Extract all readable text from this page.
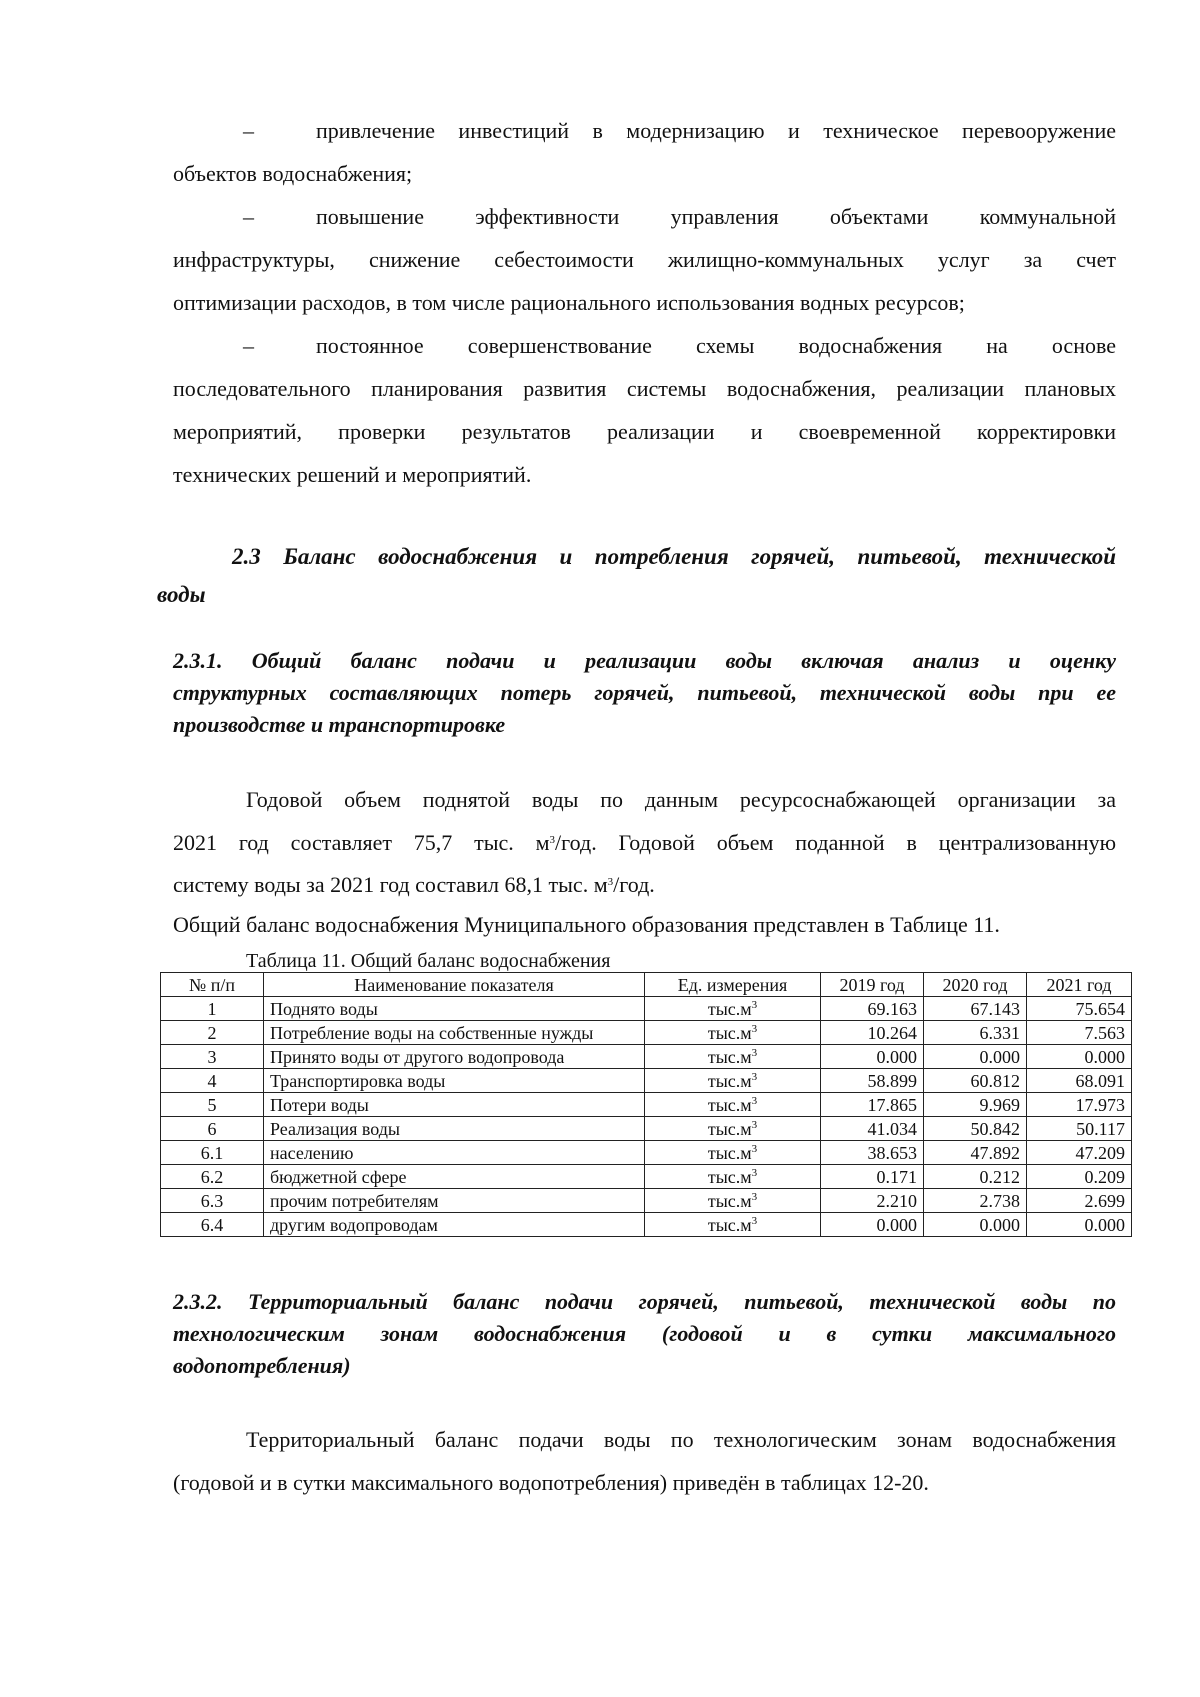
–	привлечение инвестиций в модернизацию и техническое перевооружение
объектов водоснабжения;
–	повышение эффективности управления объектами коммунальной
инфраструктуры, снижение себестоимости жилищно-коммунальных услуг за счет
оптимизации расходов, в том числе рационального использования водных ресурсов;
–	постоянное совершенствование схемы водоснабжения на основе
последовательного планирования развития системы водоснабжения, реализации плановых
мероприятий, проверки результатов реализации и своевременной корректировки
технических решений и мероприятий.
2.3 Баланс водоснабжения и потребления горячей, питьевой, технической
воды
2.3.1. Общий баланс подачи и реализации воды включая анализ и оценку
структурных составляющих потерь горячей, питьевой, технической воды при ее
производстве и транспортировке
Годовой объем поднятой воды по данным ресурсоснабжающей организации за
2021 год составляет 75,7 тыс. $м^3$/год. Годовой объем поданной в централизованную
систему воды за 2021 год составил 68,1 тыс. $м^3$/год.
Общий баланс водоснабжения Муниципального образования представлен в Таблице 11.
Таблица 11. Общий баланс водоснабжения
№ п/п	Наименование показателя	Ед. измерения	2019 год	2020 год	2021 год
1	Поднято воды	$тыс.м^3$	69.163	67.143	75.654
2	Потребление воды на собственные нужды	$тыс.м^3$	10.264	6.331	7.563
3	Принято воды от другого водопровода	$тыс.м^3$	0.000	0.000	0.000
4	Транспортировка воды	$тыс.м^3$	58.899	60.812	68.091
5	Потери воды	$тыс.м^3$	17.865	9.969	17.973
6	Реализация воды	$тыс.м^3$	41.034	50.842	50.117
6.1	населению	$тыс.м^3$	38.653	47.892	47.209
6.2	бюджетной сфере	$тыс.м^3$	0.171	0.212	0.209
6.3	прочим потребителям	$тыс.м^3$	2.210	2.738	2.699
6.4	другим водопроводам	$тыс.м^3$	0.000	0.000	0.000
2.3.2. Территориальный баланс подачи горячей, питьевой, технической воды по
технологическим зонам водоснабжения (годовой и в сутки максимального
водопотребления)
Территориальный баланс подачи воды по технологическим зонам водоснабжения
(годовой и в сутки максимального водопотребления) приведён в таблицах 12-20.
